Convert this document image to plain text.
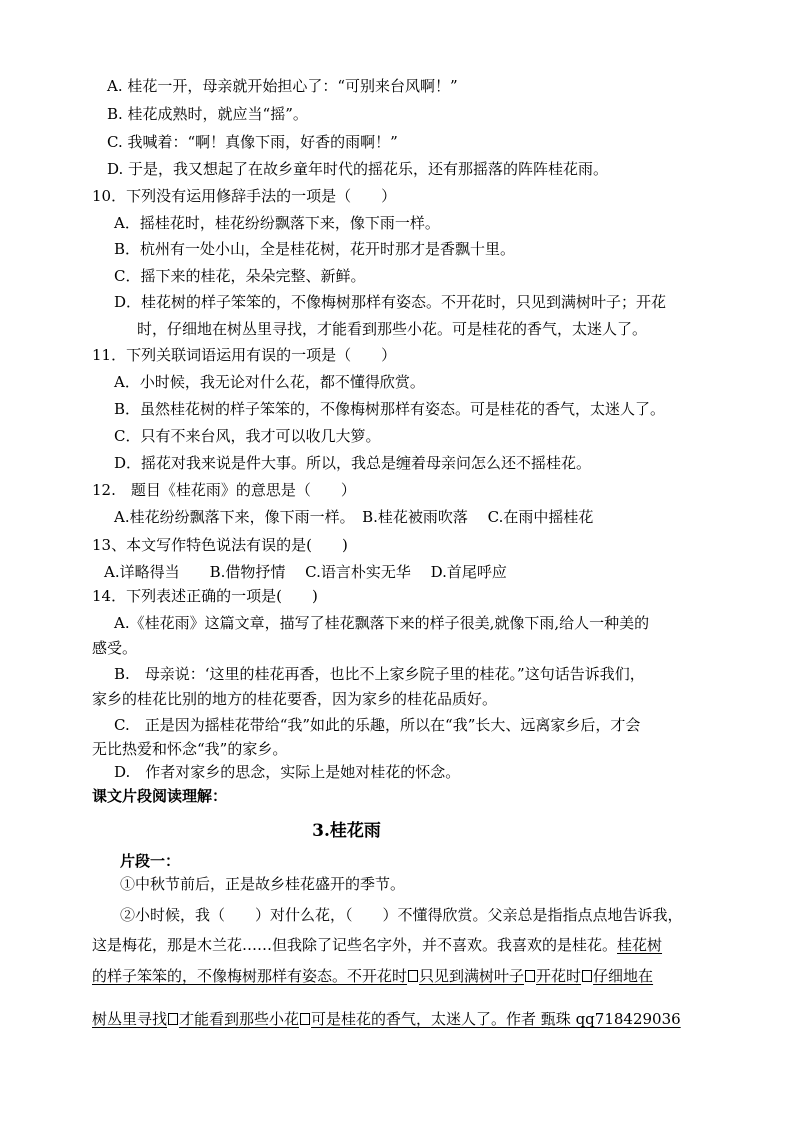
A. 桂花一开，母亲就开始担心了：“可别来台风啊！”
B. 桂花成熟时，就应当“摇”。
C. 我喊着：“啊！真像下雨，好香的雨啊！”
D. 于是，我又想起了在故乡童年时代的摇花乐，还有那摇落的阵阵桂花雨。
10．下列没有运用修辞手法的一项是（　　）
A．摇桂花时，桂花纷纷飘落下来，像下雨一样。
B．杭州有一处小山，全是桂花树，花开时那才是香飘十里。
C．摇下来的桂花，朵朵完整、新鲜。
D．桂花树的样子笨笨的，不像梅树那样有姿态。不开花时，只见到满树叶子；开花
时，仔细地在树丛里寻找，才能看到那些小花。可是桂花的香气，太迷人了。
11．下列关联词语运用有误的一项是（　　）
A．小时候，我无论对什么花，都不懂得欣赏。
B．虽然桂花树的样子笨笨的，不像梅树那样有姿态。可是桂花的香气，太迷人了。
C．只有不来台风，我才可以收几大箩。
D．摇花对我来说是件大事。所以，我总是缠着母亲问怎么还不摇桂花。
12.　题目《桂花雨》的意思是（　　）
A.桂花纷纷飘落下来，像下雨一样。　B.桂花被雨吹落　 C.在雨中摇桂花
13、本文写作特色说法有误的是(　　)
A.详略得当　　B.借物抒情　 C.语言朴实无华　 D.首尾呼应
14．下列表述正确的一项是(　　)
A.《桂花雨》这篇文章，描写了桂花飘落下来的样子很美,就像下雨,给人一种美的
感受。
B.　母亲说：‘这里的桂花再香，也比不上家乡院子里的桂花。”这句话告诉我们，
家乡的桂花比别的地方的桂花要香，因为家乡的桂花品质好。
C.　正是因为摇桂花带给“我”如此的乐趣，所以在“我”长大、远离家乡后，才会
无比热爱和怀念“我”的家乡。
D.　作者对家乡的思念，实际上是她对桂花的怀念。
课文片段阅读理解：
3.桂花雨
片段一：
①中秋节前后，正是故乡桂花盛开的季节。
②小时候，我（　　）对什么花，（　　）不懂得欣赏。父亲总是指指点点地告诉我，
这是梅花，那是木兰花……但我除了记些名字外，并不喜欢。我喜欢的是桂花。桂花树
的样子笨笨的，不像梅树那样有姿态。不开花时 只见到满树叶子 开花时 仔细地在
树丛里寻找 才能看到那些小花 可是桂花的香气，太迷人了。作者 甄珠 qq718429036
